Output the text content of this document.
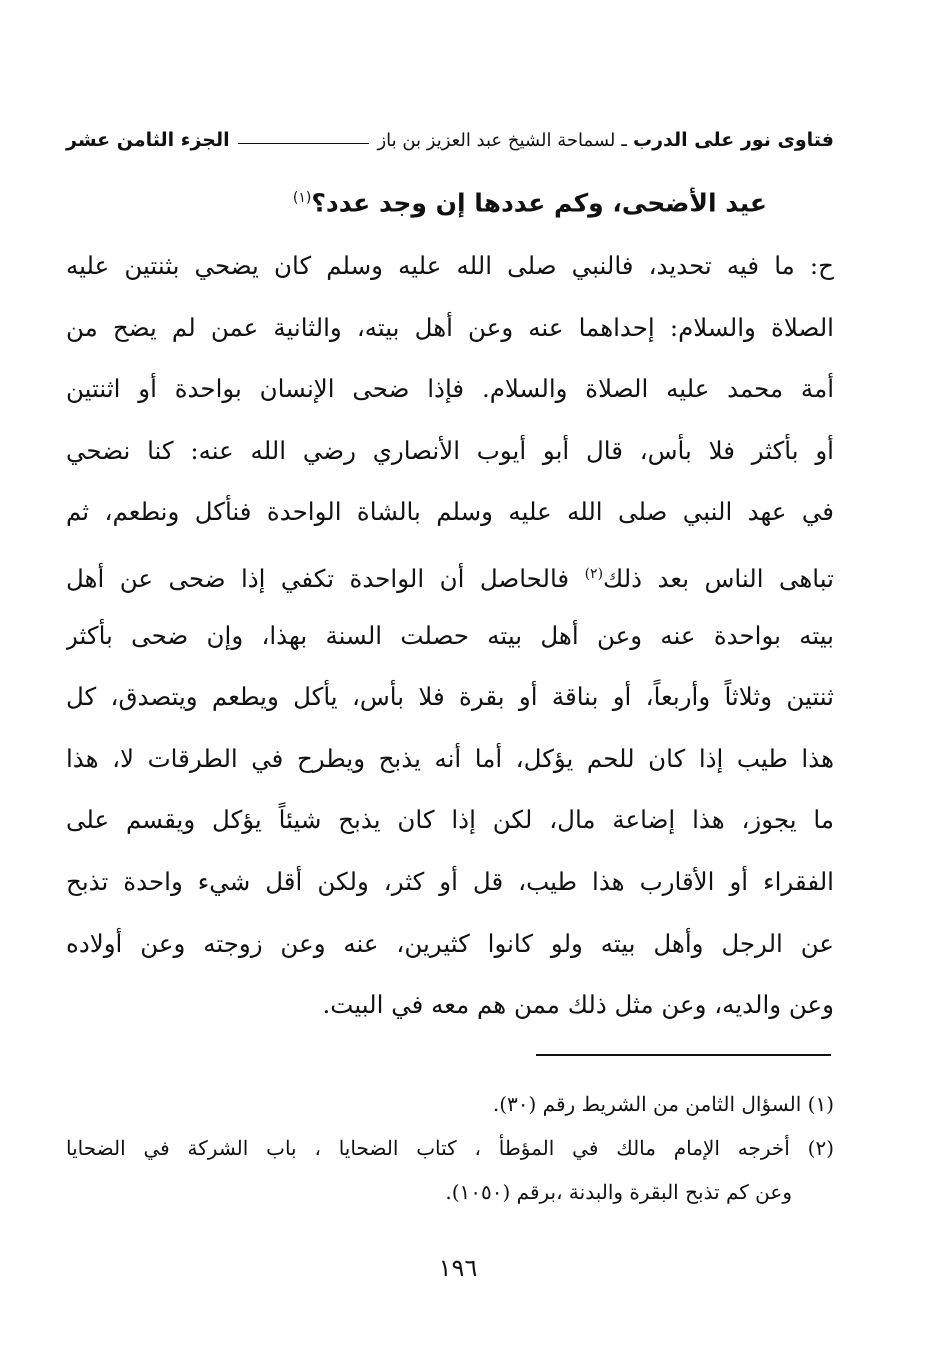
فتاوى نور على الدرب
ـ
لسماحة الشيخ عبد العزيز بن باز
الجزء الثامن عشر
عيد الأضحى، وكم عددها إن وجد عدد؟$^{(١)}$
ح: ما فيه تحديد، فالنبي صلى الله عليه وسلم كان يضحي بثنتين عليه
الصلاة والسلام: إحداهما عنه وعن أهل بيته، والثانية عمن لم يضح من
أمة محمد عليه الصلاة والسلام. فإذا ضحى الإنسان بواحدة أو اثنتين
أو بأكثر فلا بأس، قال أبو أيوب الأنصاري رضي الله عنه: كنا نضحي
في عهد النبي صلى الله عليه وسلم بالشاة الواحدة فنأكل ونطعم، ثم
تباهى الناس بعد ذلك$^{(٢)}$ فالحاصل أن الواحدة تكفي إذا ضحى عن أهل
بيته بواحدة عنه وعن أهل بيته حصلت السنة بهذا، وإن ضحى بأكثر
ثنتين وثلاثاً وأربعاً، أو بناقة أو بقرة فلا بأس، يأكل ويطعم ويتصدق، كل
هذا طيب إذا كان للحم يؤكل، أما أنه يذبح ويطرح في الطرقات لا، هذا
ما يجوز، هذا إضاعة مال، لكن إذا كان يذبح شيئاً يؤكل ويقسم على
الفقراء أو الأقارب هذا طيب، قل أو كثر، ولكن أقل شيء واحدة تذبح
عن الرجل وأهل بيته ولو كانوا كثيرين، عنه وعن زوجته وعن أولاده
وعن والديه، وعن مثل ذلك ممن هم معه في البيت.
(١) السؤال الثامن من الشريط رقم (٣٠).
(٢) أخرجه الإمام مالك في المؤطأ ، كتاب الضحايا ، باب الشركة في الضحايا
وعن كم تذبح البقرة والبدنة ،برقم (١٠٥٠).
١٩٦
